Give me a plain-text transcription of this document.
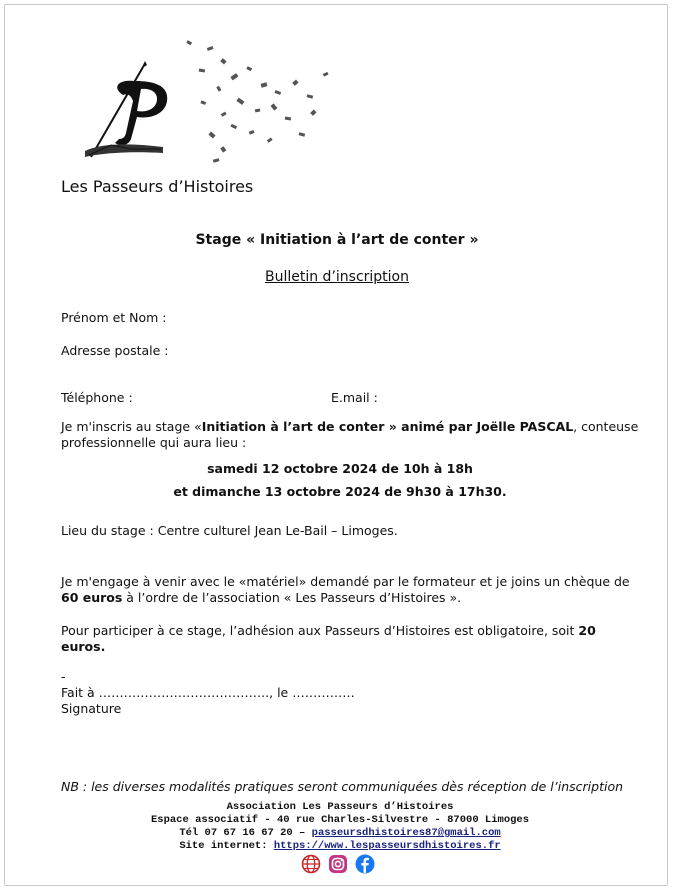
Les Passeurs d’Histoires
Stage « Initiation à l’art de conter »
Bulletin d’inscription
Prénom et Nom :
Adresse postale :
Téléphone :	E.mail :
Je m'inscris au stage «Initiation à l’art de conter » animé par Joëlle PASCAL, conteuse
professionnelle qui aura lieu :
samedi 12 octobre 2024 de 10h à 18h
et dimanche 13 octobre 2024 de 9h30 à 17h30.
Lieu du stage : Centre culturel Jean Le-Bail – Limoges.
Je m'engage à venir avec le «matériel» demandé par le formateur et je joins un chèque de
60 euros à l’ordre de l’association « Les Passeurs d’Histoires ».
Pour participer à ce stage, l’adhésion aux Passeurs d’Histoires est obligatoire, soit 20
euros.
-
Fait à ………………………………….., le ……………
Signature
NB : les diverses modalités pratiques seront communiquées dès réception de l’inscription
Association Les Passeurs d’Histoires
Espace associatif - 40 rue Charles-Silvestre - 87000 Limoges
Tél 07 67 16 67 20 – passeursdhistoires87@gmail.com
Site internet: https://www.lespasseursdhistoires.fr
